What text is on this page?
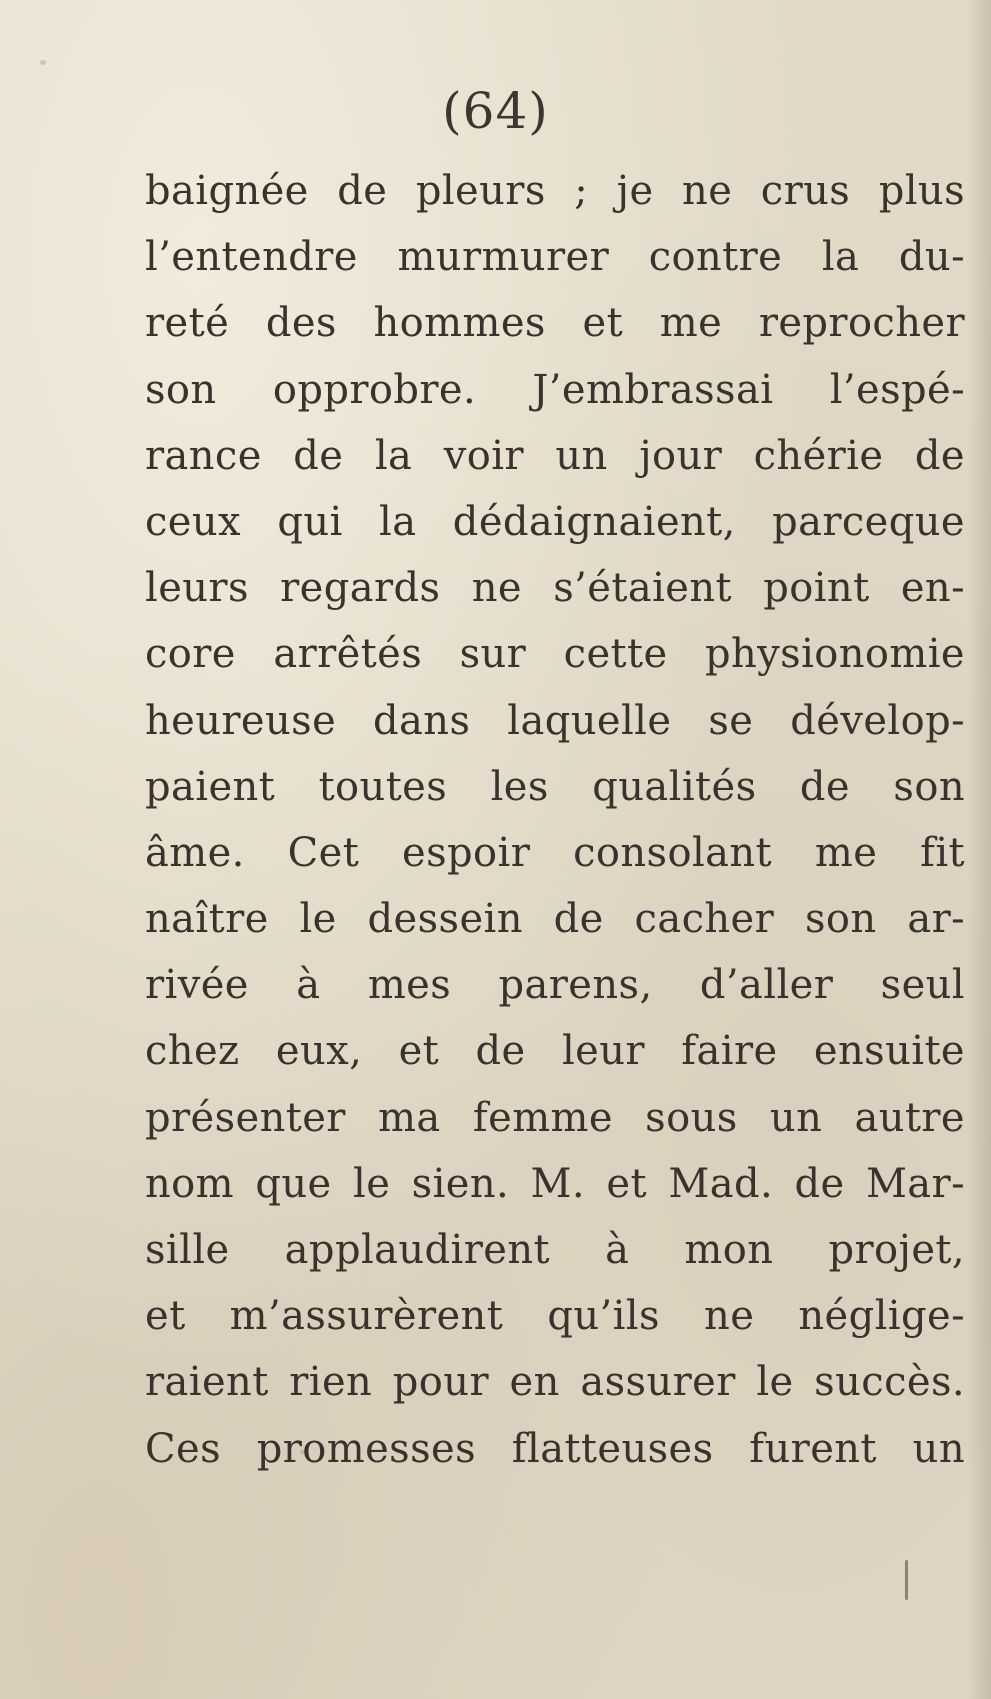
(64)
baignée de pleurs ; je ne crus plus
l’entendre murmurer contre la du-
reté des hommes et me reprocher
son opprobre. J’embrassai l’espé-
rance de la voir un jour chérie de
ceux qui la dédaignaient, parceque
leurs regards ne s’étaient point en-
core arrêtés sur cette physionomie
heureuse dans laquelle se dévelop-
paient toutes les qualités de son
âme. Cet espoir consolant me fit
naître le dessein de cacher son ar-
rivée à mes parens, d’aller seul
chez eux, et de leur faire ensuite
présenter ma femme sous un autre
nom que le sien. M. et Mad. de Mar-
sille applaudirent à mon projet,
et m’assurèrent qu’ils ne néglige-
raient rien pour en assurer le succès.
Ces promesses flatteuses furent un
